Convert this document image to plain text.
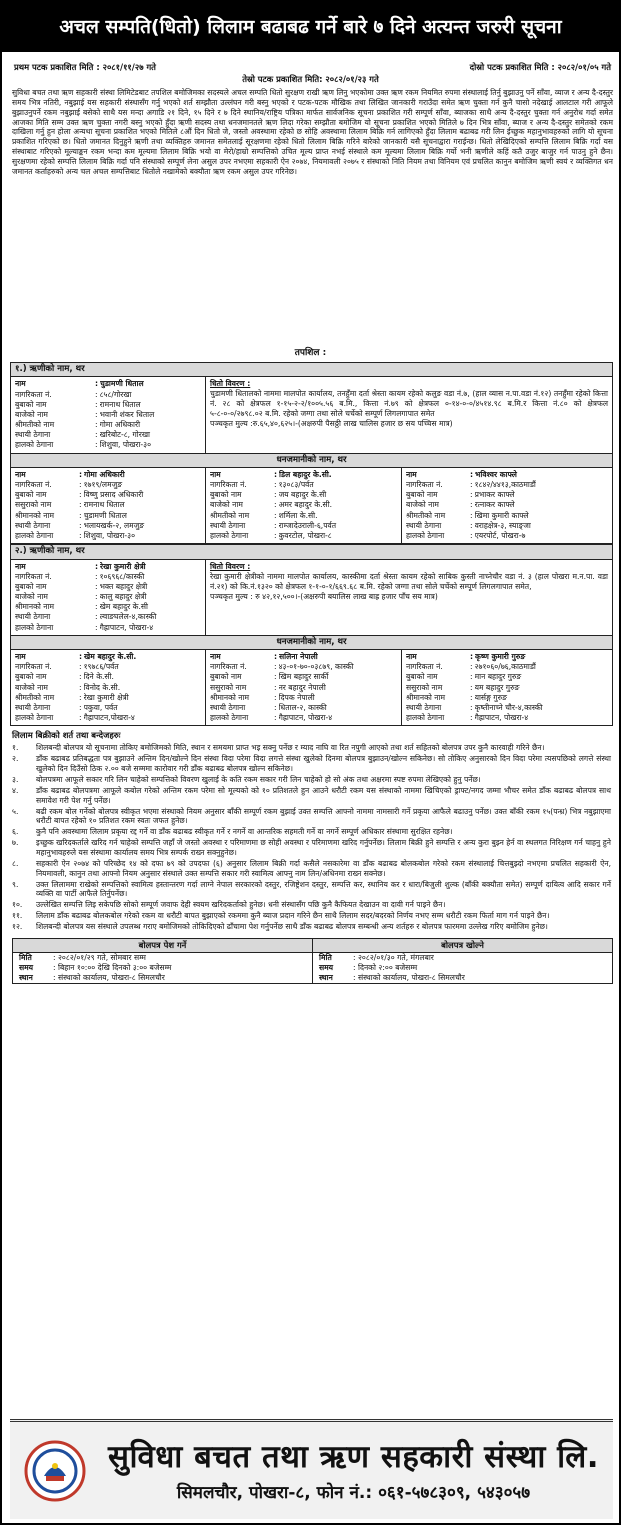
अचल सम्पति(धितो) लिलाम बढाबढ गर्ने बारे ७ दिने अत्यन्त जरुरी सूचना
प्रथम पटक प्रकाशित मिति : २०८१/११/२७ गते	दोस्रो पटक प्रकाशित मिति : २०८२/०१/०५ गते
तेस्रो पटक प्रकाशित मिति: २०८२/०१/२३ गते
सुविधा बचत तथा ऋण सहकारी संस्था लिमिटेडबाट तपशिल बमोजिमका सदस्यले अचल सम्पति धितो सुरक्षण राखी ऋण लिनु भएकोमा उक्त ऋण रकम नियमित रुपमा संस्थालाई तिर्नु बुझाउनु पर्ने साँवा, व्याज र अन्य दै-दस्तुर समय भित्र नतिरी, नबुझाई यस सहकारी संस्थासँग गर्नु भएको शर्त सम्झौता उल्लंघन गरी बस्नु भएको र पटक-पटक मौखिक तथा लिखित जानकारी गराउँदा समेत ऋण चुक्ता गर्न कुनै चासो नदेखाई आलटाल गरी आफूले बुझाउनुपर्ने रकम नबुझाई बसेको साथै यस मन्दा अगाडि २१ दिने, १५ दिने र ७ दिने स्थानिय/राष्ट्रिय पत्रिका मार्फत सार्वजनिक सूचना प्रकाशित गरी सम्पूर्ण साँवा, ब्याजका साथै अन्य दै-दस्तुर चुक्ता गर्न अनुरोध गर्दा समेत आजका मिति सम्म उक्त ऋण चुक्ता नगरी बस्नु भएको हुँदा ऋणी सदस्य तथा धनजमानतले ऋण लिदा गरेका सम्झौता बमोजिम यो सूचना प्रकाशित भएको मितिले ७ दिन भित्र साँवा, ब्याज र अन्य दै-दस्तुर समेतको रकम दाखिला गर्नु हुन होला अन्यथा सूचना प्रकाशित भएको मितिले ८औं दिन धितो जे, जस्तो अवस्थामा रहेको छ सोहि अवस्थामा लिलाम बिक्रि गर्न लागिएको हुँदा लिलाम बढाबढ गरी लिन ईच्छुक महानुभावहरुको लागि यो सूचना प्रकाशित गरिएको छ। धितो जमानत दिनुहुने ऋणी तथा व्यक्तिहरु जमानत समेतलाई सूरक्षणमा रहेको धितो लिलाम बिक्रि गरिने बारेको जानकारी यसै सूचनाद्वारा गराईन्छ। धितो लेखिदिएको सम्पत्ति लिलाम बिक्रि गर्दा यस संस्थाबाट गरिएको मूल्याङ्कन रकम भन्दा कम मूल्यमा लिलाम बिक्रि भयो वा मेरो/हाम्रो सम्पत्तिको उचित मूल्य प्राप्त नभई संस्थाले कम मूल्यमा लिलाम बिक्रि गर्यो भनी ऋणीले कहिं कतै उजुर बाजुर गर्न पाउनु हुने छैन। सुरक्षणमा रहेको सम्पत्ति लिलाम बिक्रि गर्दा पनि संस्थाको सम्पूर्ण लेना असुल उपर नभएमा सहकारी ऐन २०७४, नियमावली २०७५ र संस्थाको निति नियम तथा विनियम एवं प्रचलित कानुन बमोजिम ऋणी स्वयं र व्यक्तिगत धन जमानत कर्ताहरुको अन्य चल अचल सम्पत्तिबाट धितोले नखामेको बक्यौता ऋण रकम असुल उपर गरिनेछ।
तपशिल :
१.) ऋणीको नाम, थर
नाम	: चुडामणी धिताल
नागरिकता नं.	: ८५८/गोरखा
बुबाको नाम	: रामनाथ धिताल
बाजेको नाम	: भवानी शंकर धिताल
श्रीमतीको नाम	: गोमा अधिकारी
स्थायी ठेगाना	: खरिबोट-८, गोरखा
हालको ठेगाना	: शिशुवा, पोखरा-३०
धितो विवरण :
चुडामणी धितालको नाममा मालपोत कार्यालय, तनहुँमा दर्ता श्रेस्ता कायम रहेको कलुङ वडा नं.७, (हाल व्यास न.पा.वडा नं.१२) तनहुँमा रहेको कित्ता नं. २८ को क्षेत्रफल १-१५-२-२/१००५.५६ ब.मि., कित्ता नं.७९ को क्षेत्रफल ०-१४-०-०/४५१४.९८ ब.मि.र कित्ता नं.८० को क्षेत्रफल ५-८-०-०/२७९८.०२ ब.मि. रहेको जग्गा तथा सोले चर्चेको सम्पूर्ण लिगलगापात समेत
पञ्चकृत मुल्य :रु.६५,४०,६२५।-(अक्षरुपी पैसठ्ठी लाख चालिस हजार छ सय पच्चिस मात्र)
धनजमानीको नाम, थर
नाम	: गोमा अधिकारी
नागरिकता नं.	: १७१९/लमजुङ
बुबाको नाम	: विष्णु प्रसाद अधिकारी
ससुराको नाम	: रामनाथ धिताल
श्रीमानको नाम	: चुडामणी धिताल
स्थायी ठेगाना	: भलायखर्क-२, लमजुङ
हालको ठेगाना	: शिशुवा, पोखरा-३०
नाम	: डिल बहादुर के.सी.
नागरिकता नं.	: १३०८३/पर्वत
बुबाको नाम	: जय बहादुर के.सी
बाजेको नाम	: अमर बहादुर के.सी.
श्रीमतीको नाम	: शर्मिला के.सी.
स्थायी ठेगाना	: राम्जादेउराली-६,पर्वत
हालको ठेगाना	: कुवरटोल, पोखरा-८
नाम	: भविश्वर काफ्ले
नागरिकता नं.	: १८४२/४४१३,काठमाडौं
बुबाको नाम	: प्रभाकर काफ्ले
बाजेको नाम	: रत्नाकर काफ्ले
श्रीमतीको नाम	: खिमा कुमारी काफ्ले
स्थायी ठेगाना	: वराहक्षेत्र-३, स्याङ्जा
हालको ठेगाना	: एयरपोर्ट, पोखरा-७
२.) ऋणीको नाम, थर
नाम	: रेखा कुमारी क्षेत्री
नागरिकता नं.	: १०६९६८/कास्की
बुबाको नाम	: भक्त बहादुर क्षेत्री
बाजेको नाम	: कालु बहादुर क्षेत्री
श्रीमानको नाम	: खेम बहादुर के.सी
स्थायी ठेगाना	: ल्वाङघलेल-४,कास्की
हालको ठेगाना	: गैह्रापाटन, पोखरा-४
धितो विवरण :
रेखा कुमारी क्षेत्रीको नाममा मालपोत कार्यालय, कास्कीमा दर्ता श्रेस्ता कायम रहेको साबिक कुस्ती नाच्नेचौर वडा नं. ३ (हाल पोखरा म.न.पा. वडा नं.२१) को कि.नं.१३२० को क्षेत्रफल १-१-०-१/६६९.६८ ब.मि. रहेको जग्गा तथा सोले चर्चेको सम्पूर्ण लिगलगापात समेत,
पञ्चकृत मुल्य : रु ४२,१२,५००।-(अक्षरुपी बयालिस लाख बाह्र हजार पाँच सय मात्र)
धनजमानीको नाम, थर
नाम	: खेम बहादुर के.सी.
नागरिकता नं.	: १९७८६/पर्वत
बुबाको नाम	: दिने के.सी.
बाजेको नाम	: विनोद के.सी.
श्रीमतीको नाम	: रेखा कुमारी क्षेत्री
स्थायी ठेगाना	: पकुवा, पर्वत
हालको ठेगाना	: गैह्रापाटन,पोखरा-४
नाम	: सलिना नेपाली
नागरिकता नं.	: ४३-०१-७०-०३८७९, कास्की
बुबाको नाम	: खिम बहादुर सार्की
ससुराको नाम	: नर बहादुर नेपाली
श्रीमानको नाम	: दिपक नेपाली
स्थायी ठेगाना	: धिताल-२, कास्की
हालको ठेगाना	: गैह्रापाटन, पोखरा-४
नाम	: कृष्ण कुमारी गुरुङ
नागरिकता नं.	: २७१०६०/७६,काठमाडौं
बुबाको नाम	: मान बहादुर गुरुङ
ससुराको नाम	: यम बहादुर गुरुङ
श्रीमानको नाम	: यार्सङ्ग गुरुङ
स्थायी ठेगाना	: कृष्तीनाच्ने चौर-४,कास्की
हालको ठेगाना	: गैह्रापाटन, पोखरा-४
लिलाम बिक्रीको शर्त तथा बन्देजहरुः
१.	शिलबन्दी बोलपत्र यो सूचनामा तोकिए बमोजिमको मिति, स्थान र समयमा प्राप्त भइ सक्नु पर्नेछ र म्याद नाघि वा रित नपुगी आएको तथा शर्त सहितको बोलपत्र उपर कुनै कारवाही गरिने छैन।
२.	डाँक बढाबढ प्रतिबद्धता पत्र बुझाउने अन्तिम दिन/खोल्ने दिन संस्था विदा परेमा विदा लगत्ते संस्था खुलेको दिनमा बोलपत्र बुझाउन/खोल्न सकिनेछ। सो तोकिए अनुसारको दिन विदा परेमा त्यसपछिको लगत्ते संस्था खुलेको दिन दिउँसो ठिक २.०० बजे सम्ममा कारोवार गरी डाँक बढाबढ बोलपत्र खोल्न सकिनेछ।
३.	बोलपत्रमा आफूले सकार गरि लिन चाहेको सम्पत्तिको विवरण खुलाई के कति रकम सकार गरी लिन चाहेको हो सो अंक तथा अक्षरमा स्पष्ट रुपमा लेखिएको हुनु पर्नेछ।
४.	डाँक बढाबढ बोलपत्रमा आफूले कबोल गरेको अन्तिम रकम परेमा सो मूल्यको को १० प्रतिशतले हुन आउने धरौटी रकम यस संस्थाको नाममा खिचिएको ड्राफ्ट/नगद जम्मा भौचर समेत डाँक बढाबढ बोलपत्र साथ समावेश गरी पेश गर्नु पर्नेछ।
५.	बढी रकम बोल गर्नेको बोलपत्र स्वीकृत भएमा संस्थाको नियम अनुसार बाँकी सम्पूर्ण रकम बुझाई उक्त सम्पत्ति आफ्नो नाममा नामसारी गर्ने प्रकृया आफैले बढाउनु पर्नेछ। उक्त बाँकी रकम १५(पन्ध्र) भित्र नबुझाएमा धरौटी बापत रहेको १० प्रतिशत रकम स्वतः जफत हुनेछ।
६.	कुनै पनि अवस्थामा लिलाम प्रकृया रद्द गर्ने वा डाँक बढाबढ स्वीकृत गर्ने र नगर्ने वा आन्तरिक सहमती गर्ने वा नगर्ने सम्पूर्ण अधिकार संस्थामा सुरक्षित रहनेछ।
७.	इच्छुक खरिदकर्ताले खरिद गर्न चाहेको सम्पत्ति जहाँ जे जस्तो अवस्था र परिमाणमा छ सोही अवस्था र परिमाणमा खरिद गर्नुपर्नेछ। लिलाम बिक्री हुने सम्पत्ति र अन्य कुरा बुझ्न हेर्न वा स्थलगत निरिक्षण गर्न चाहनु हुने महानुभावहरुले यस संस्थामा कार्यालय समय भित्र सम्पर्क राख्न सक्नुहुनेछ।
८.	सहकारी ऐन २०७४ को परिच्छेद १४ को दफा ७९ को उपदफा (६) अनुसार लिलाम बिक्री गर्दा कसैले नसकारेमा वा डाँक बढाबढ बोलकबोल गरेको रकम संस्थालाई चित्तबुझ्दो नभएमा प्रचलित सहकारी ऐन, नियमावली, कानुन तथा आफ्नो नियम अनुसार संस्थाले उक्त सम्पत्ति सकार गरी स्वामित्व आफ्नु नाम लिन/अधिनमा राख्न सक्नेछ।
९.	उक्त लिलाममा राखेको सम्पत्तिको स्वामित्व हस्तान्तरण गर्दा लाग्ने नेपाल सरकारको दस्तुर, रजिष्ट्रेशन दस्तुर, सम्पत्ति कर, स्थानिय कर र धारा/बिजुली शुल्क (बाँकी बक्यौता समेत) सम्पूर्ण दायित्व आदि सकार गर्ने व्यक्ति वा पार्टी आफैले तिर्नुपर्नेछ।
१०.	उल्लेखित सम्पत्ति लिइ सकेपछि सोको सम्पूर्ण जवाफ देही स्वयम खरिदकर्ताको हुनेछ। धनी संस्थासँग पछि कुनै कैफियत देखाउन वा दावी गर्न पाइने छैन।
११.	लिलाम डाँक बढाबढ बोलकबोल गरेको रकम वा धरौटी बापत बुझाएको रकममा कुनै ब्याज प्रदान गरिने छैन साथै लिलाम सदर/बदरको निर्णय नभए सम्म धरौटी रकम फिर्ता माग गर्न पाइने छैन।
१२.	शिलबन्दी बोलपत्र यस संस्थाले उपलब्ध गराए बमोजिमको तोकिदिएको ढाँचामा पेश गर्नुपर्नेछ साथै डाँक बढाबढ बोलपत्र सम्बन्धी अन्य शर्तहरु र बोलपत्र फारममा उल्लेख गरिए बमोजिम हुनेछ।
बोलपत्र पेश गर्ने
मिति	: २०८२/०१/२९ गते, सोमबार सम्म
समय	: बिहान १०:०० देखि दिनको ३:०० बजेसम्म
स्थान	: संस्थाको कार्यालय, पोखरा-८ सिमलचौर
बोलपत्र खोल्ने
मिति	: २०८२/०१/३० गते, मंगलबार
समय	: दिनको २:०० बजेसम्म
स्थान	: संस्थाको कार्यालय, पोखरा-८ सिमलचौर
सुविधा बचत तथा ऋण सहकारी संस्था लि.
सिमलचौर, पोखरा-८, फोन नं.: ०६१-५७८३०९, ५४३०५७
